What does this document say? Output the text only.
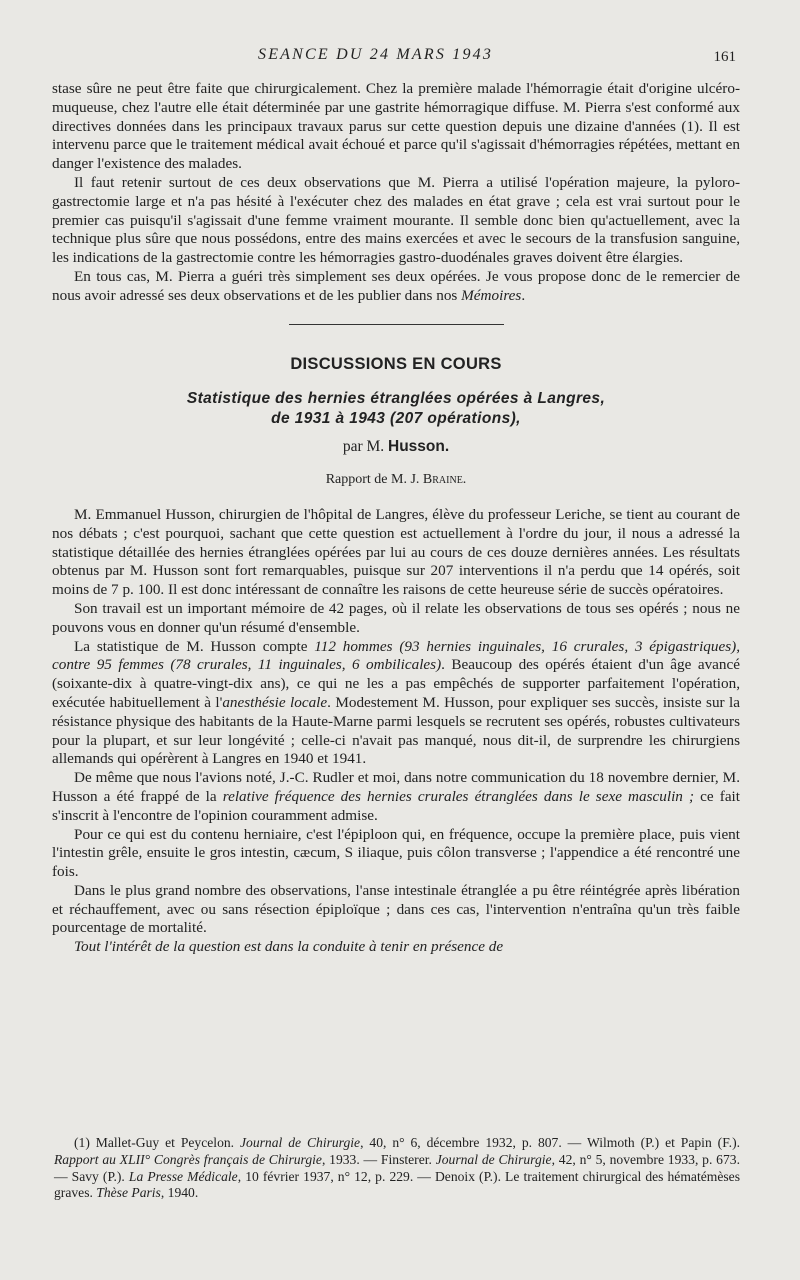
SEANCE DU 24 MARS 1943	161

stase sûre ne peut être faite que chirurgicalement. Chez la première malade l'hémorragie était d'origine ulcéro-muqueuse, chez l'autre elle était déterminée par une gastrite hémorragique diffuse. M. Pierra s'est conformé aux directives données dans les principaux travaux parus sur cette question depuis une dizaine d'années (1). Il est intervenu parce que le traitement médical avait échoué et parce qu'il s'agissait d'hémorragies répétées, mettant en danger l'existence des malades.

Il faut retenir surtout de ces deux observations que M. Pierra a utilisé l'opération majeure, la pyloro-gastrectomie large et n'a pas hésité à l'exécuter chez des malades en état grave ; cela est vrai surtout pour le premier cas puisqu'il s'agissait d'une femme vraiment mourante. Il semble donc bien qu'actuellement, avec la technique plus sûre que nous possédons, entre des mains exercées et avec le secours de la transfusion sanguine, les indications de la gastrectomie contre les hémorragies gastro-duodénales graves doivent être élargies.

En tous cas, M. Pierra a guéri très simplement ses deux opérées. Je vous propose donc de le remercier de nous avoir adressé ses deux observations et de les publier dans nos Mémoires.

DISCUSSIONS EN COURS
Statistique des hernies étranglées opérées à Langres,
de 1931 à 1943 (207 opérations),
par M. Husson.
Rapport de M. J. Braine.

M. Emmanuel Husson, chirurgien de l'hôpital de Langres, élève du professeur Leriche, se tient au courant de nos débats ; c'est pourquoi, sachant que cette question est actuellement à l'ordre du jour, il nous a adressé la statistique détaillée des hernies étranglées opérées par lui au cours de ces douze dernières années. Les résultats obtenus par M. Husson sont fort remarquables, puisque sur 207 interventions il n'a perdu que 14 opérés, soit moins de 7 p. 100. Il est donc intéressant de connaître les raisons de cette heureuse série de succès opératoires.

Son travail est un important mémoire de 42 pages, où il relate les observations de tous ses opérés ; nous ne pouvons vous en donner qu'un résumé d'ensemble.

La statistique de M. Husson compte 112 hommes (93 hernies inguinales, 16 crurales, 3 épigastriques), contre 95 femmes (78 crurales, 11 inguinales, 6 ombilicales). Beaucoup des opérés étaient d'un âge avancé (soixante-dix à quatre-vingt-dix ans), ce qui ne les a pas empêchés de supporter parfaitement l'opération, exécutée habituellement à l'anesthésie locale. Modestement M. Husson, pour expliquer ses succès, insiste sur la résistance physique des habitants de la Haute-Marne parmi lesquels se recrutent ses opérés, robustes cultivateurs pour la plupart, et sur leur longévité ; celle-ci n'avait pas manqué, nous dit-il, de surprendre les chirurgiens allemands qui opérèrent à Langres en 1940 et 1941.

De même que nous l'avions noté, J.-C. Rudler et moi, dans notre communication du 18 novembre dernier, M. Husson a été frappé de la relative fréquence des hernies crurales étranglées dans le sexe masculin ; ce fait s'inscrit à l'encontre de l'opinion couramment admise.

Pour ce qui est du contenu herniaire, c'est l'épiploon qui, en fréquence, occupe la première place, puis vient l'intestin grêle, ensuite le gros intestin, cæcum, S iliaque, puis côlon transverse ; l'appendice a été rencontré une fois.

Dans le plus grand nombre des observations, l'anse intestinale étranglée a pu être réintégrée après libération et réchauffement, avec ou sans résection épiploïque ; dans ces cas, l'intervention n'entraîna qu'un très faible pourcentage de mortalité.

Tout l'intérêt de la question est dans la conduite à tenir en présence de

(1) Mallet-Guy et Peycelon. Journal de Chirurgie, 40, n° 6, décembre 1932, p. 807. — Wilmoth (P.) et Papin (F.). Rapport au XLII° Congrès français de Chirurgie, 1933. — Finsterer. Journal de Chirurgie, 42, n° 5, novembre 1933, p. 673. — Savy (P.). La Presse Médicale, 10 février 1937, n° 12, p. 229. — Denoix (P.). Le traitement chirurgical des hématémèses graves. Thèse Paris, 1940.
